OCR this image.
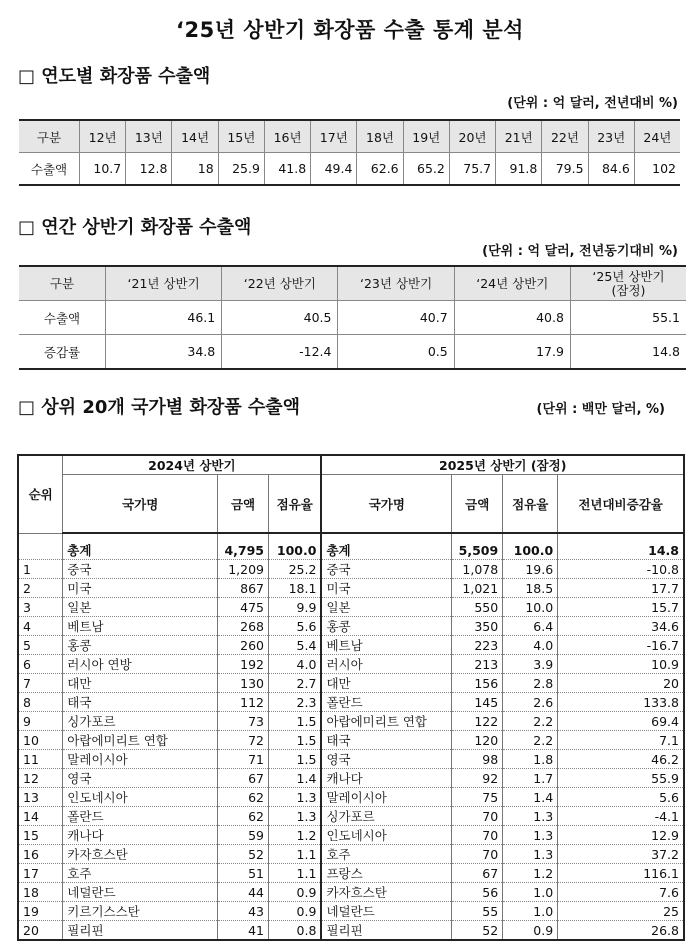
‘25년 상반기 화장품 수출 통계 분석
□ 연도별 화장품 수출액
(단위 : 억 달러, 전년대비 %)
구분	12년	13년	14년	15년	16년	17년	18년	19년	20년	21년	22년	23년	24년
수출액	10.7	12.8	18	25.9	41.8	49.4	62.6	65.2	75.7	91.8	79.5	84.6	102
□ 연간 상반기 화장품 수출액
(단위 : 억 달러, 전년동기대비 %)
구분	‘21년 상반기	‘22년 상반기	‘23년 상반기	‘24년 상반기	‘25년 상반기
(잠정)

수출액	46.1	40.5	40.7	40.8	55.1
증감률	34.8	-12.4	0.5	17.9	14.8
□ 상위 20개 국가별 화장품 수출액	(단위 : 백만 달러, %)
순위	2024년 상반기			2025년 상반기 (잠정)			
	국가명	금액	점유율	국가명	금액	점유율	전년대비증감율

	총계	4,795	100.0	총계	5,509	100.0	14.8
1	중국	1,209	25.2	중국	1,078	19.6	-10.8
2	미국	867	18.1	미국	1,021	18.5	17.7
3	일본	475	9.9	일본	550	10.0	15.7
4	베트남	268	5.6	홍콩	350	6.4	34.6
5	홍콩	260	5.4	베트남	223	4.0	-16.7
6	러시아 연방	192	4.0	러시아	213	3.9	10.9
7	대만	130	2.7	대만	156	2.8	20
8	태국	112	2.3	폴란드	145	2.6	133.8
9	싱가포르	73	1.5	아랍에미리트 연합	122	2.2	69.4
10	아랍에미리트 연합	72	1.5	태국	120	2.2	7.1
11	말레이시아	71	1.5	영국	98	1.8	46.2
12	영국	67	1.4	캐나다	92	1.7	55.9
13	인도네시아	62	1.3	말레이시아	75	1.4	5.6
14	폴란드	62	1.3	싱가포르	70	1.3	-4.1
15	캐나다	59	1.2	인도네시아	70	1.3	12.9
16	카자흐스탄	52	1.1	호주	70	1.3	37.2
17	호주	51	1.1	프랑스	67	1.2	116.1
18	네덜란드	44	0.9	카자흐스탄	56	1.0	7.6
19	키르기스스탄	43	0.9	네덜란드	55	1.0	25
20	필리핀	41	0.8	필리핀	52	0.9	26.8
